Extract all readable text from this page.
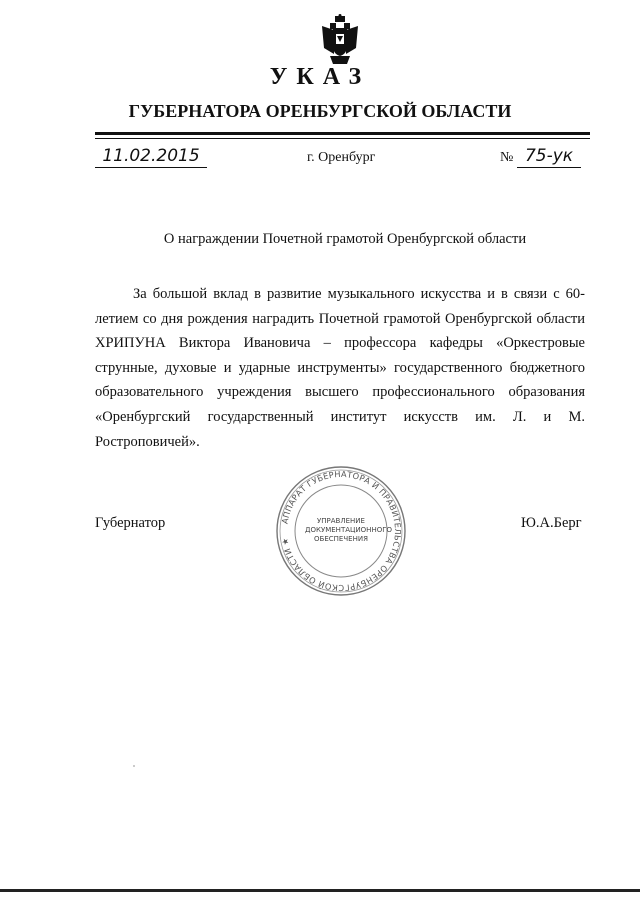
УКАЗ
ГУБЕРНАТОРА ОРЕНБУРГСКОЙ ОБЛАСТИ
11.02.2015	г. Оренбург	№ 75-ук
О награждении Почетной грамотой Оренбургской области

За большой вклад в развитие музыкального искусства и в связи с 60-летием со дня рождения наградить Почетной грамотой Оренбургской области ХРИПУНА Виктора Ивановича – профессора кафедры «Оркестровые струнные, духовые и ударные инструменты» государственного бюджетного образовательного учреждения высшего профессионального образования «Оренбургский государственный институт искусств им. Л. и М. Ростроповичей».

Губернатор	Ю.А.Берг
АППАРАТ ГУБЕРНАТОРА И ПРАВИТЕЛЬСТВА ОРЕНБУРГСКОЙ ОБЛАСТИ ★
УПРАВЛЕНИЕ ДОКУМЕНТАЦИОННОГО ОБЕСПЕЧЕНИЯ
